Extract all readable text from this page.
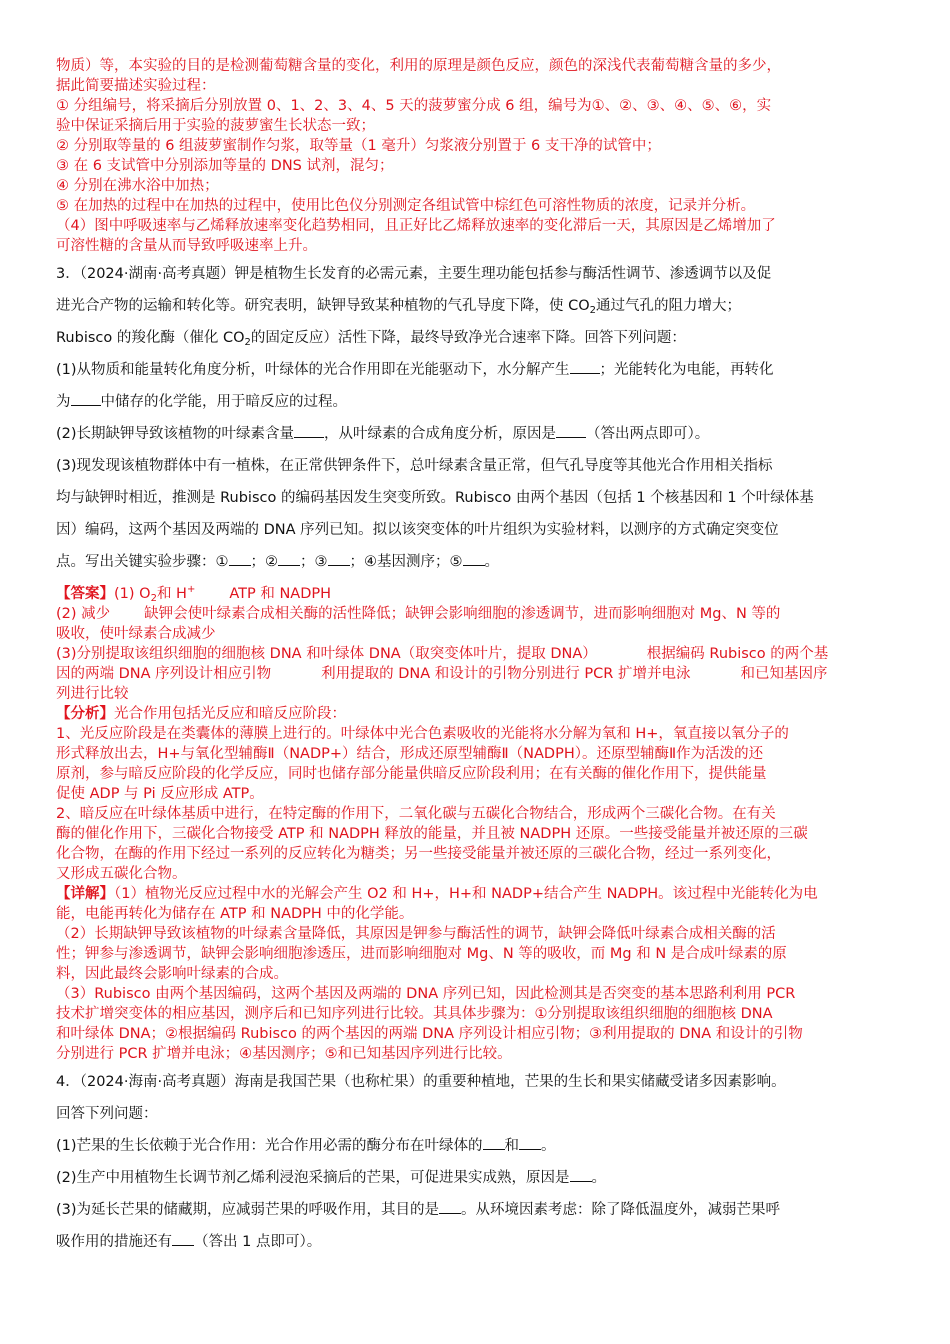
物质）等，本实验的目的是检测葡萄糖含量的变化，利用的原理是颜色反应，颜色的深浅代表葡萄糖含量的多少，

据此简要描述实验过程：

① 分组编号，将采摘后分别放置 0、1、2、3、4、5 天的菠萝蜜分成 6 组，编号为①、②、③、④、⑤、⑥，实

验中保证采摘后用于实验的菠萝蜜生长状态一致；

② 分别取等量的 6 组菠萝蜜制作匀浆，取等量（1 毫升）匀浆液分别置于 6 支干净的试管中；

③ 在 6 支试管中分别添加等量的 DNS 试剂，混匀；

④ 分别在沸水浴中加热；

⑤ 在加热的过程中在加热的过程中，使用比色仪分别测定各组试管中棕红色可溶性物质的浓度，记录并分析。

（4）图中呼吸速率与乙烯释放速率变化趋势相同，且正好比乙烯释放速率的变化滞后一天，其原因是乙烯增加了

可溶性糖的含量从而导致呼吸速率上升。

3．（2024·湖南·高考真题）钾是植物生长发育的必需元素，主要生理功能包括参与酶活性调节、渗透调节以及促

进光合产物的运输和转化等。研究表明，缺钾导致某种植物的气孔导度下降，使 $CO_2$通过气孔的阻力增大；

Rubisco 的羧化酶（催化 $CO_2$的固定反应）活性下降，最终导致净光合速率下降。回答下列问题：

(1)从物质和能量转化角度分析，叶绿体的光合作用即在光能驱动下，水分解产生 ；光能转化为电能，再转化

为 中储存的化学能，用于暗反应的过程。

(2)长期缺钾导致该植物的叶绿素含量 ，从叶绿素的合成角度分析，原因是 （答出两点即可）。

(3)现发现该植物群体中有一植株，在正常供钾条件下，总叶绿素含量正常，但气孔导度等其他光合作用相关指标

均与缺钾时相近，推测是 Rubisco 的编码基因发生突变所致。Rubisco 由两个基因（包括 1 个核基因和 1 个叶绿体基

因）编码，这两个基因及两端的 DNA 序列已知。拟以该突变体的叶片组织为实验材料，以测序的方式确定突变位

点。写出关键实验步骤：① ；② ；③ ；④基因测序；⑤ 。

【答案】(1) $O_2$和 H+ ATP 和 NADPH

(2) 减少 缺钾会使叶绿素合成相关酶的活性降低；缺钾会影响细胞的渗透调节，进而影响细胞对 Mg、N 等的

吸收，使叶绿素合成减少

(3)分别提取该组织细胞的细胞核 DNA 和叶绿体 DNA（取突变体叶片，提取 DNA）	根据编码 Rubisco 的两个基

因的两端 DNA 序列设计相应引物	利用提取的 DNA 和设计的引物分别进行 PCR 扩增并电泳	和已知基因序

列进行比较

【分析】光合作用包括光反应和暗反应阶段：

1、光反应阶段是在类囊体的薄膜上进行的。叶绿体中光合色素吸收的光能将水分解为氧和 H+，氧直接以氧分子的

形式释放出去，H+与氧化型辅酶Ⅱ（NADP+）结合，形成还原型辅酶Ⅱ（NADPH）。还原型辅酶Ⅱ作为活泼的还

原剂，参与暗反应阶段的化学反应，同时也储存部分能量供暗反应阶段利用；在有关酶的催化作用下，提供能量

促使 ADP 与 Pi 反应形成 ATP。

2、暗反应在叶绿体基质中进行，在特定酶的作用下，二氧化碳与五碳化合物结合，形成两个三碳化合物。在有关

酶的催化作用下，三碳化合物接受 ATP 和 NADPH 释放的能量，并且被 NADPH 还原。一些接受能量并被还原的三碳

化合物，在酶的作用下经过一系列的反应转化为糖类；另一些接受能量并被还原的三碳化合物，经过一系列变化，

又形成五碳化合物。

【详解】（1）植物光反应过程中水的光解会产生 O2 和 H+，H+和 NADP+结合产生 NADPH。该过程中光能转化为电

能，电能再转化为储存在 ATP 和 NADPH 中的化学能。

（2）长期缺钾导致该植物的叶绿素含量降低，其原因是钾参与酶活性的调节，缺钾会降低叶绿素合成相关酶的活

性；钾参与渗透调节，缺钾会影响细胞渗透压，进而影响细胞对 Mg、N 等的吸收，而 Mg 和 N 是合成叶绿素的原

料，因此最终会影响叶绿素的合成。

（3）Rubisco 由两个基因编码，这两个基因及两端的 DNA 序列已知，因此检测其是否突变的基本思路利利用 PCR

技术扩增突变体的相应基因，测序后和已知序列进行比较。其具体步骤为：①分别提取该组织细胞的细胞核 DNA

和叶绿体 DNA；②根据编码 Rubisco 的两个基因的两端 DNA 序列设计相应引物；③利用提取的 DNA 和设计的引物

分别进行 PCR 扩增并电泳；④基因测序；⑤和已知基因序列进行比较。

4．（2024·海南·高考真题）海南是我国芒果（也称杧果）的重要种植地，芒果的生长和果实储藏受诸多因素影响。

回答下列问题：

(1)芒果的生长依赖于光合作用：光合作用必需的酶分布在叶绿体的 和 。

(2)生产中用植物生长调节剂乙烯利浸泡采摘后的芒果，可促进果实成熟，原因是 。

(3)为延长芒果的储藏期，应减弱芒果的呼吸作用，其目的是 。从环境因素考虑：除了降低温度外，减弱芒果呼

吸作用的措施还有 （答出 1 点即可）。
